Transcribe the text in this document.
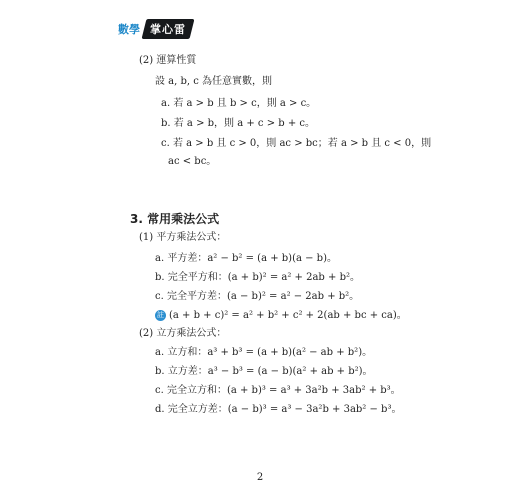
數學 掌心雷
(2) 運算性質
設 a, b, c 為任意實數，則
a. 若 a > b 且 b > c，則 a > c。
b. 若 a > b，則 a + c > b + c。
c. 若 a > b 且 c > 0，則 ac > bc；若 a > b 且 c < 0，則
ac < bc。
3. 常用乘法公式
(1) 平方乘法公式：
a. 平方差：a² − b² = (a + b)(a − b)。
b. 完全平方和：(a + b)² = a² + 2ab + b²。
c. 完全平方差：(a − b)² = a² − 2ab + b²。
註 (a + b + c)² = a² + b² + c² + 2(ab + bc + ca)。
(2) 立方乘法公式：
a. 立方和：a³ + b³ = (a + b)(a² − ab + b²)。
b. 立方差：a³ − b³ = (a − b)(a² + ab + b²)。
c. 完全立方和：(a + b)³ = a³ + 3a²b + 3ab² + b³。
d. 完全立方差：(a − b)³ = a³ − 3a²b + 3ab² − b³。
2
